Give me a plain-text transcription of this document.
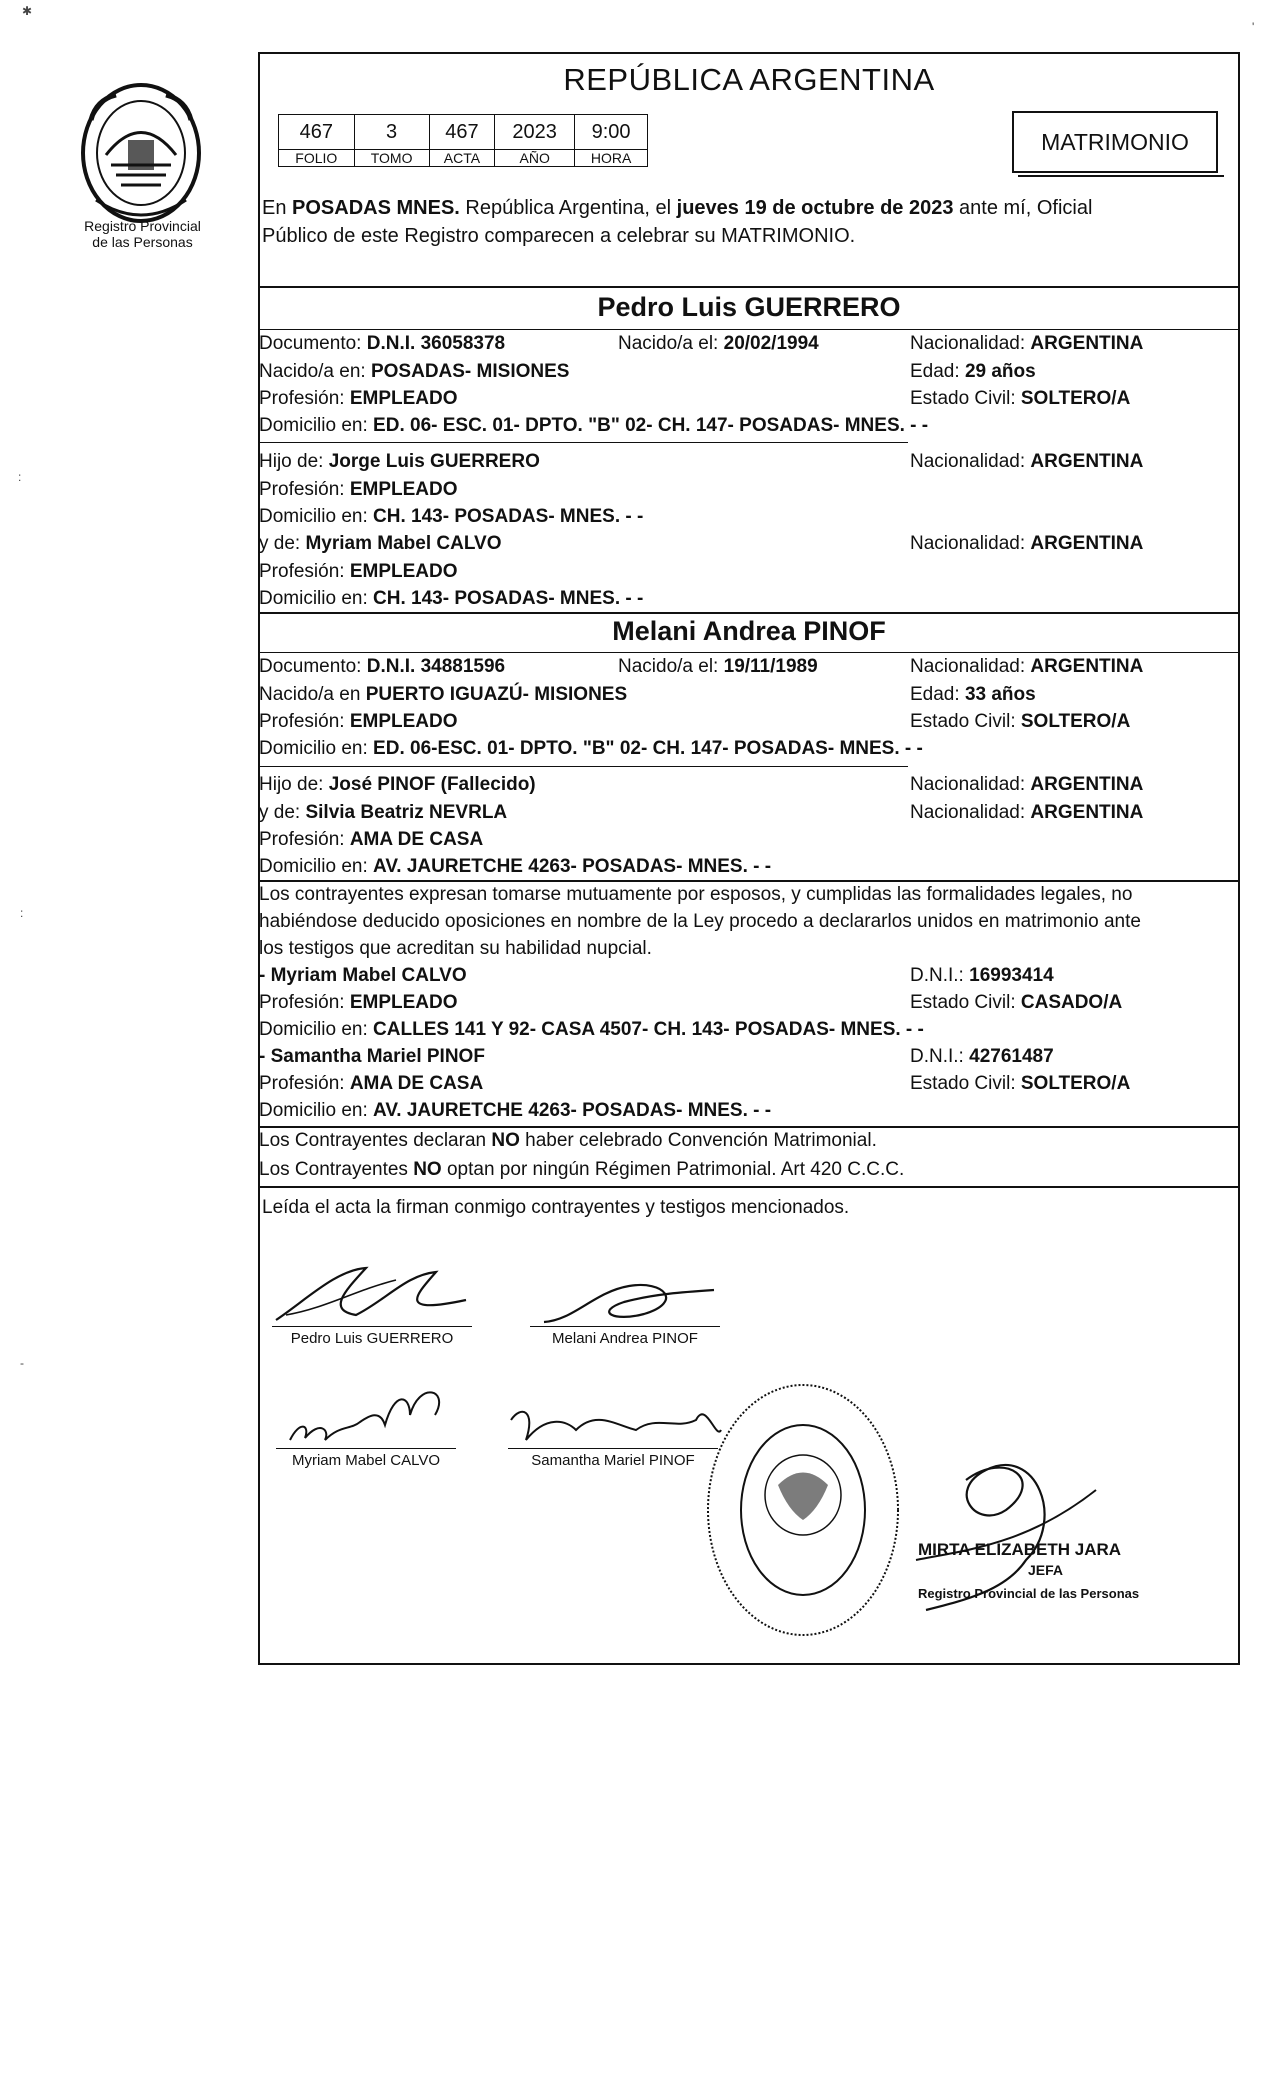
✱
'
:
:
-
Registro Provincial
de las Personas
REPÚBLICA ARGENTINA
467	3	467	2023	9:00
FOLIO	TOMO	ACTA	AÑO	HORA
MATRIMONIO
En POSADAS MNES. República Argentina, el jueves 19 de octubre de 2023 ante mí, Oficial
Público de este Registro comparecen a celebrar su MATRIMONIO.
Pedro Luis GUERRERO
Documento: D.N.I. 36058378	Nacido/a el: 20/02/1994	Nacionalidad: ARGENTINA
Nacido/a en: POSADAS- MISIONES	Edad: 29 años
Profesión: EMPLEADO	Estado Civil: SOLTERO/A
Domicilio en: ED. 06- ESC. 01- DPTO. "B" 02- CH. 147- POSADAS- MNES. - -
Hijo de: Jorge Luis GUERRERO	Nacionalidad: ARGENTINA
Profesión: EMPLEADO
Domicilio en: CH. 143- POSADAS- MNES. - -
y de: Myriam Mabel CALVO	Nacionalidad: ARGENTINA
Profesión: EMPLEADO
Domicilio en: CH. 143- POSADAS- MNES. - -
Melani Andrea PINOF
Documento: D.N.I. 34881596	Nacido/a el: 19/11/1989	Nacionalidad: ARGENTINA
Nacido/a en PUERTO IGUAZÚ- MISIONES	Edad: 33 años
Profesión: EMPLEADO	Estado Civil: SOLTERO/A
Domicilio en: ED. 06-ESC. 01- DPTO. "B" 02- CH. 147- POSADAS- MNES. - -
Hijo de: José PINOF (Fallecido)	Nacionalidad: ARGENTINA
y de: Silvia Beatriz NEVRLA	Nacionalidad: ARGENTINA
Profesión: AMA DE CASA
Domicilio en: AV. JAURETCHE 4263- POSADAS- MNES. - -
Los contrayentes expresan tomarse mutuamente por esposos, y cumplidas las formalidades legales, no
habiéndose deducido oposiciones en nombre de la Ley procedo a declararlos unidos en matrimonio ante
los testigos que acreditan su habilidad nupcial.
- Myriam Mabel CALVO	D.N.I.: 16993414
Profesión: EMPLEADO	Estado Civil: CASADO/A
Domicilio en: CALLES 141 Y 92- CASA 4507- CH. 143- POSADAS- MNES. - -
- Samantha Mariel PINOF	D.N.I.: 42761487
Profesión: AMA DE CASA	Estado Civil: SOLTERO/A
Domicilio en: AV. JAURETCHE 4263- POSADAS- MNES. - -
Los Contrayentes declaran NO haber celebrado Convención Matrimonial.
Los Contrayentes NO optan por ningún Régimen Patrimonial. Art 420 C.C.C.
Leída el acta la firman conmigo contrayentes y testigos mencionados.
Pedro Luis GUERRERO	Melani Andrea PINOF
Myriam Mabel CALVO	Samantha Mariel PINOF
MIRTA ELIZABETH JARA
JEFA
Registro Provincial de las Personas
